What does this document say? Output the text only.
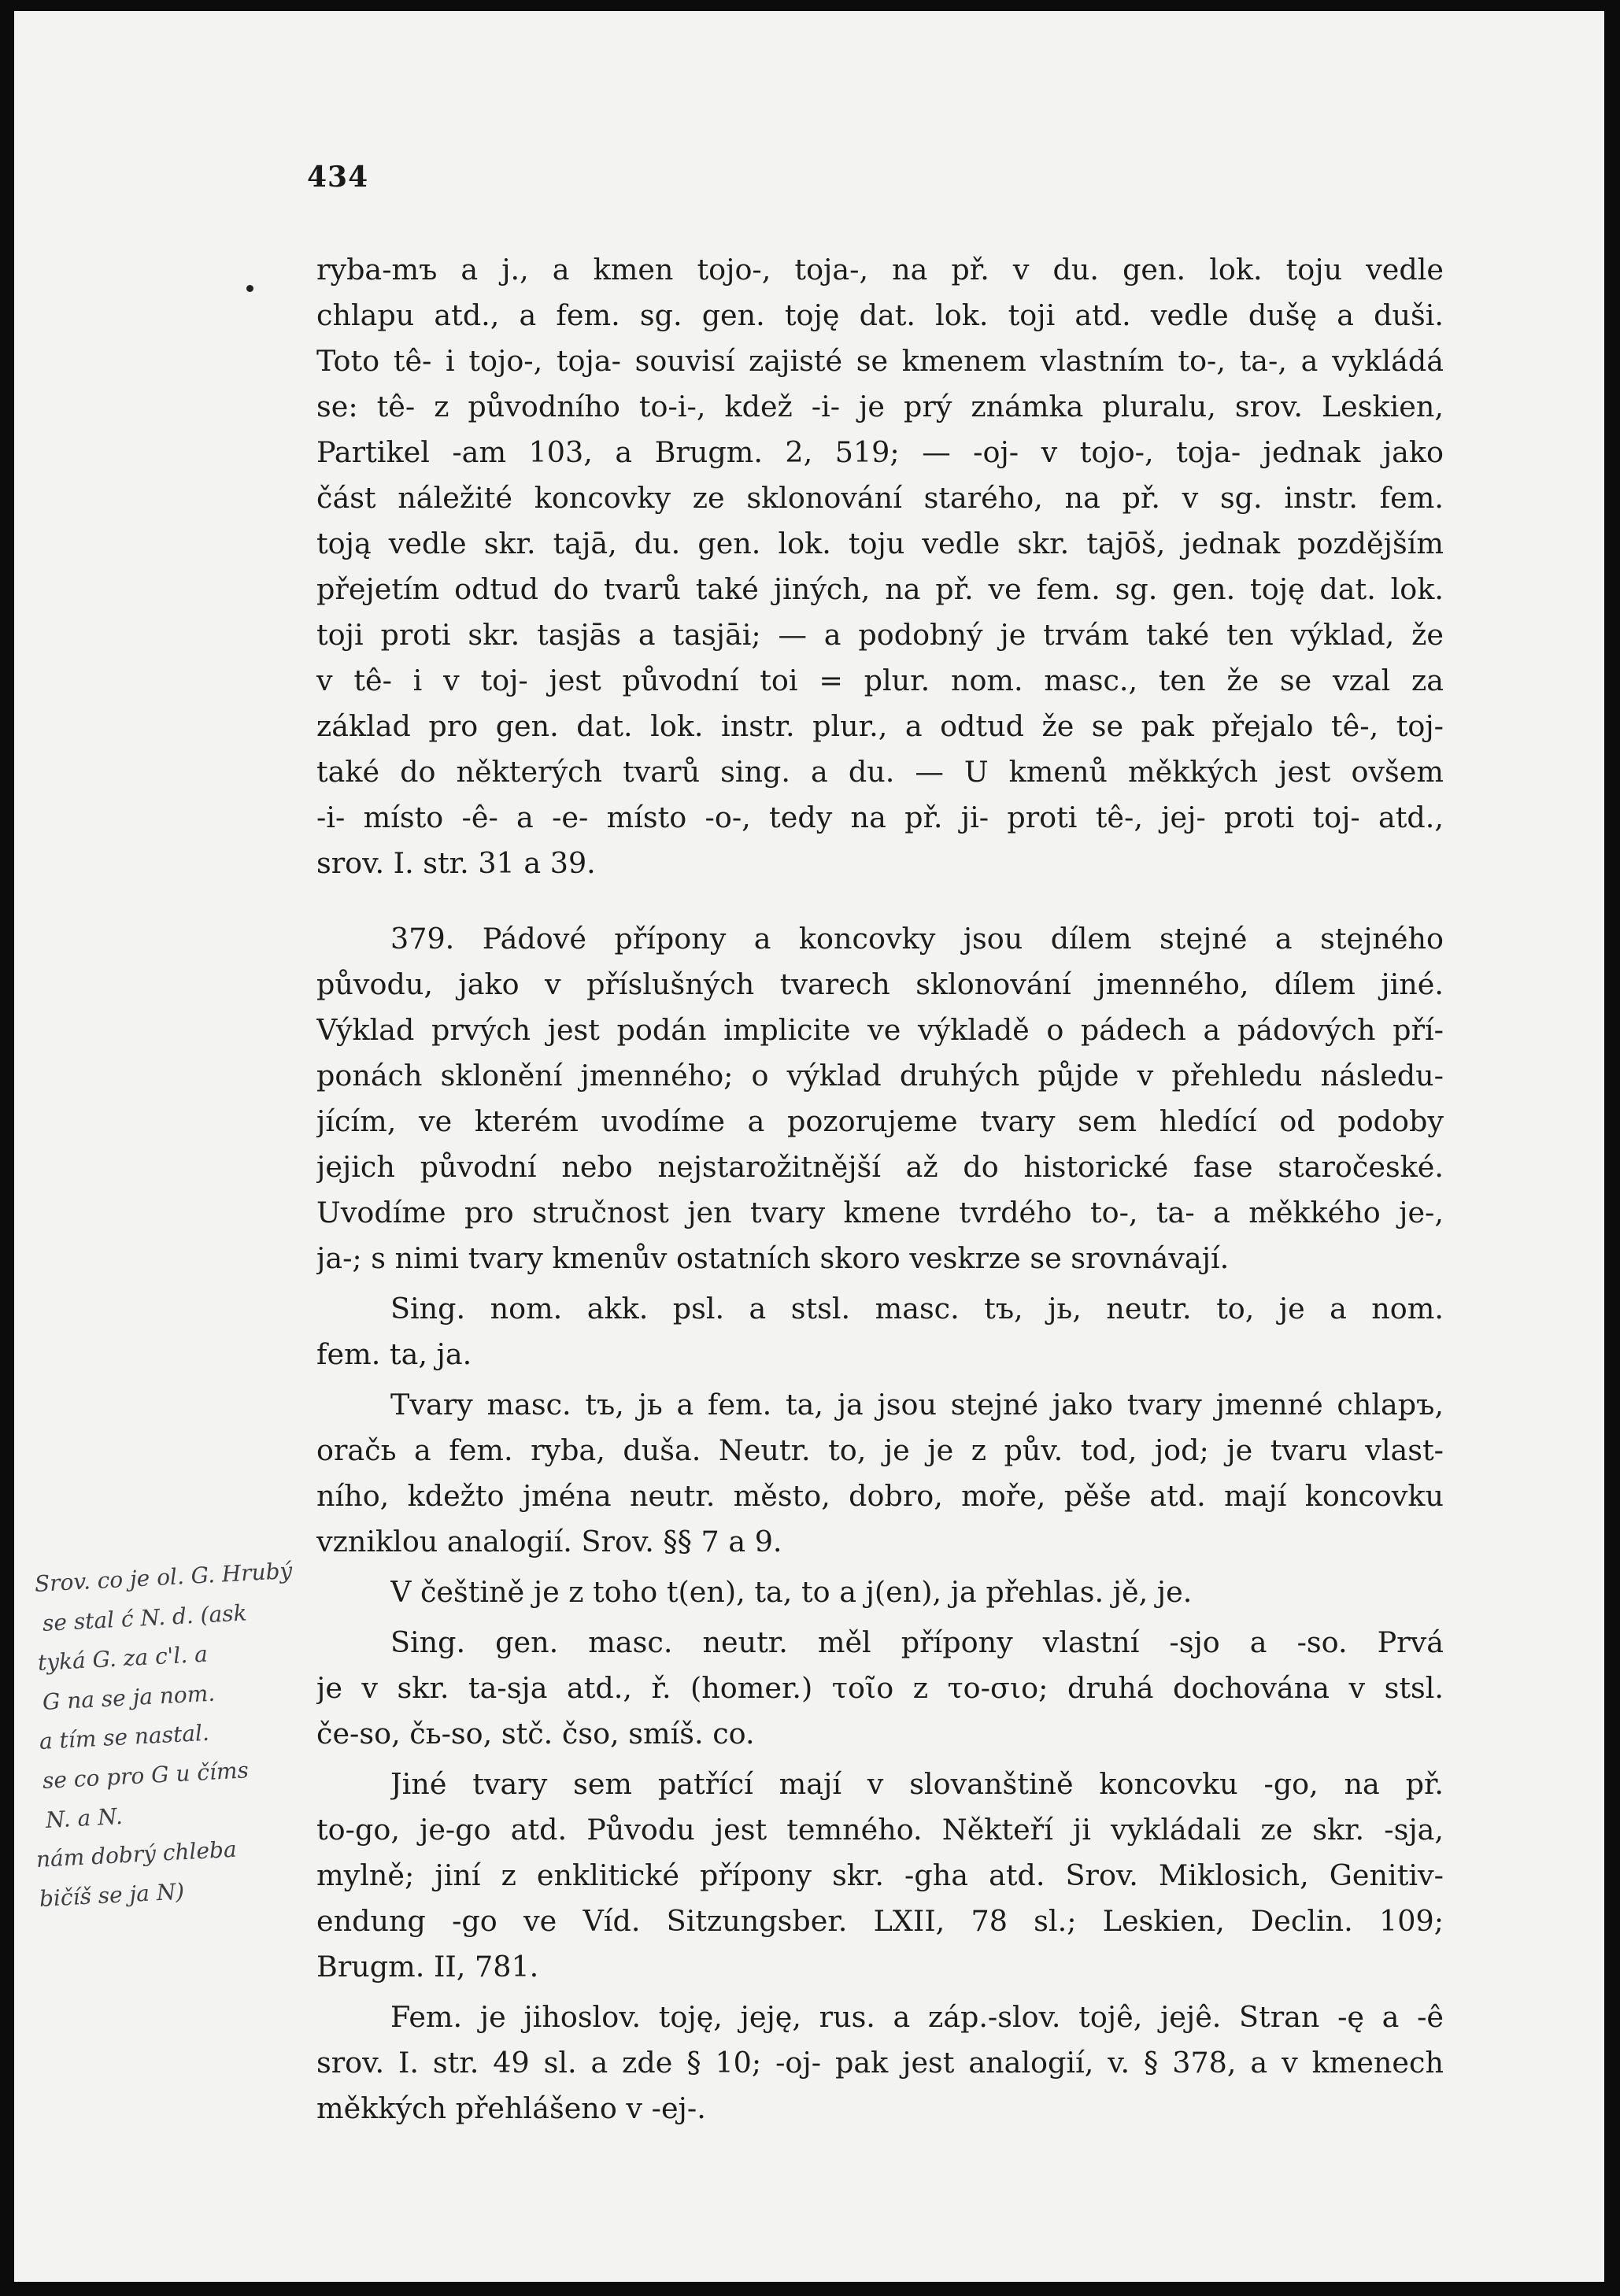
434
ryba-mъ a j., a kmen tojo-, toja-, na př. v du. gen. lok. toju vedle
chlapu atd., a fem. sg. gen. toję dat. lok. toji atd. vedle dušę a duši.
Toto tê- i tojo-, toja- souvisí zajisté se kmenem vlastním to-, ta-, a vykládá
se: tê- z původního to-i-, kdež -i- je prý známka pluralu, srov. Leskien,
Partikel -am 103, a Brugm. 2, 519; — -oj- v tojo-, toja- jednak jako
část náležité koncovky ze sklonování starého, na př. v sg. instr. fem.
toją vedle skr. tajā, du. gen. lok. toju vedle skr. tajōš, jednak pozdějším
přejetím odtud do tvarů také jiných, na př. ve fem. sg. gen. toję dat. lok.
toji proti skr. tasjās a tasjāi; — a podobný je trvám také ten výklad, že
v tê- i v toj- jest původní toi = plur. nom. masc., ten že se vzal za
základ pro gen. dat. lok. instr. plur., a odtud že se pak přejalo tê-, toj-
také do některých tvarů sing. a du. — U kmenů měkkých jest ovšem
-i- místo -ê- a -e- místo -o-, tedy na př. ji- proti tê-, jej- proti toj- atd.,
srov. I. str. 31 a 39.
379. Pádové přípony a koncovky jsou dílem stejné a stejného
původu, jako v příslušných tvarech sklonování jmenného, dílem jiné.
Výklad prvých jest podán implicite ve výkladě o pádech a pádových pří-
ponách sklonění jmenného; o výklad druhých půjde v přehledu následu-
jícím, ve kterém uvodíme a pozorujeme tvary sem hledící od podoby
jejich původní nebo nejstarožitnější až do historické fase staročeské.
Uvodíme pro stručnost jen tvary kmene tvrdého to-, ta- a měkkého je-,
ja-; s nimi tvary kmenův ostatních skoro veskrze se srovnávají.
Sing. nom. akk. psl. a stsl. masc. tъ, jь, neutr. to, je a nom.
fem. ta, ja.
Tvary masc. tъ, jь a fem. ta, ja jsou stejné jako tvary jmenné chlapъ,
oračь a fem. ryba, duša. Neutr. to, je je z pův. tod, jod; je tvaru vlast-
ního, kdežto jména neutr. město, dobro, moře, pěše atd. mají koncovku
vzniklou analogií. Srov. §§ 7 a 9.
V češtině je z toho t(en), ta, to a j(en), ja přehlas. jě, je.
Sing. gen. masc. neutr. měl přípony vlastní -sjo a -so. Prvá
je v skr. ta-sja atd., ř. (homer.) τοῖο z το-σιο; druhá dochována v stsl.
če-so, čь-so, stč. čso, smíš. co.
Jiné tvary sem patřící mají v slovanštině koncovku -go, na př.
to-go, je-go atd. Původu jest temného. Někteří ji vykládali ze skr. -sja,
mylně; jiní z enklitické přípony skr. -gha atd. Srov. Miklosich, Genitiv-
endung -go ve Víd. Sitzungsber. LXII, 78 sl.; Leskien, Declin. 109;
Brugm. II, 781.
Fem. je jihoslov. toję, jeję, rus. a záp.-slov. tojê, jejê. Stran -ę a -ê
srov. I. str. 49 sl. a zde § 10; -oj- pak jest analogií, v. § 378, a v kmenech
měkkých přehlášeno v -ej-.
Srov. co je ol. G. Hrubý
se stal ć N. d. (ask
tyká G. za c'l. a
G na se ja nom.
a tím se nastal.
se co pro G u číms
N. a N.
nám dobrý chleba
bičíš se ja N)
